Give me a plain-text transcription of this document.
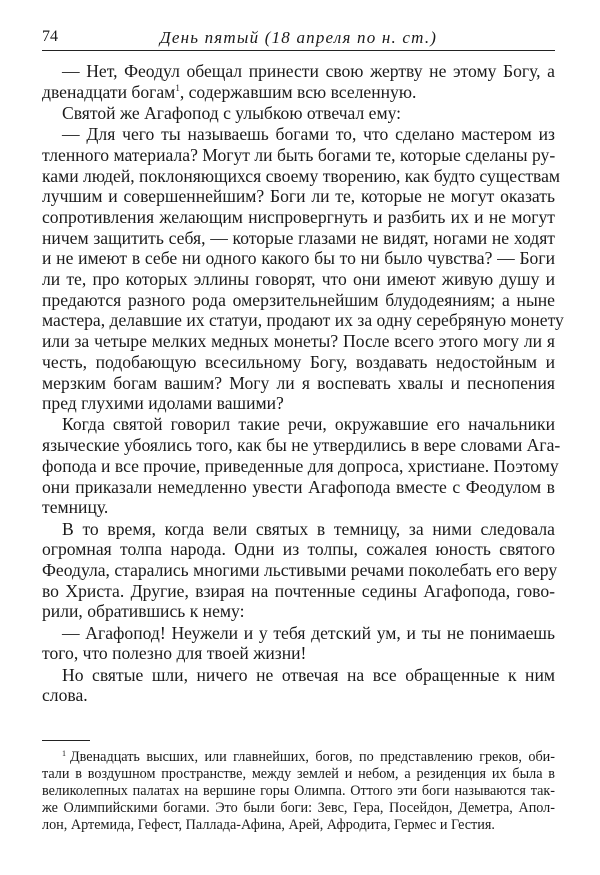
74	День пятый (18 апреля по н. ст.)
— Нет, Феодул обещал принести свою жертву не этому Богу, а
двенадцати богам$^1$, содержавшим всю вселенную.
Святой же Агафопод с улыбкою отвечал ему:
— Для чего ты называешь богами то, что сделано мастером из
тленного материала? Могут ли быть богами те, которые сделаны ру-
ками людей, поклоняющихся своему творению, как будто существам
лучшим и совершеннейшим? Боги ли те, которые не могут оказать
сопротивления желающим ниспровергнуть и разбить их и не могут
ничем защитить себя, — которые глазами не видят, ногами не ходят
и не имеют в себе ни одного какого бы то ни было чувства? — Боги
ли те, про которых эллины говорят, что они имеют живую душу и
предаются разного рода омерзительнейшим блудодеяниям; а ныне
мастера, делавшие их статуи, продают их за одну серебряную монету
или за четыре мелких медных монеты? После всего этого могу ли я
честь, подобающую всесильному Богу, воздавать недостойным и
мерзким богам вашим? Могу ли я воспевать хвалы и песнопения
пред глухими идолами вашими?
Когда святой говорил такие речи, окружавшие его начальники
языческие убоялись того, как бы не утвердились в вере словами Ага-
фопода и все прочие, приведенные для допроса, христиане. Поэтому
они приказали немедленно увести Агафопода вместе с Феодулом в
темницу.
В то время, когда вели святых в темницу, за ними следовала
огромная толпа народа. Одни из толпы, сожалея юность святого
Феодула, старались многими льстивыми речами поколебать его веру
во Христа. Другие, взирая на почтенные седины Агафопода, гово-
рили, обратившись к нему:
— Агафопод! Неужели и у тебя детский ум, и ты не понимаешь
того, что полезно для твоей жизни!
Но святые шли, ничего не отвечая на все обращенные к ним
слова.
$^1$ Двенадцать высших, или главнейших, богов, по представлению греков, оби-
тали в воздушном пространстве, между землей и небом, а резиденция их была в
великолепных палатах на вершине горы Олимпа. Оттого эти боги называются так-
же Олимпийскими богами. Это были боги: Зевс, Гера, Посейдон, Деметра, Апол-
лон, Артемида, Гефест, Паллада-Афина, Арей, Афродита, Гермес и Гестия.
